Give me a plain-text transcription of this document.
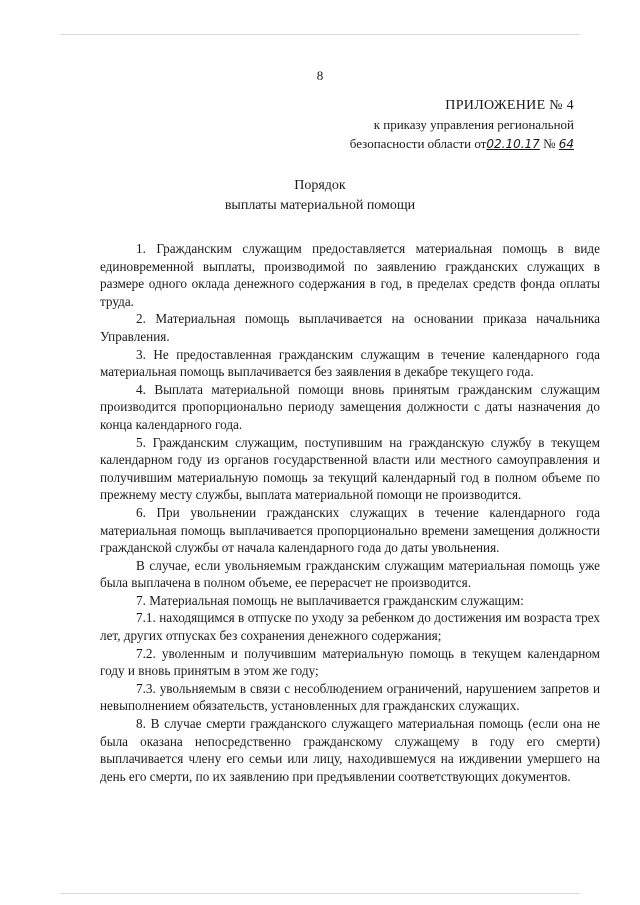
8
ПРИЛОЖЕНИЕ № 4
к приказу управления региональной
безопасности области от02.10.17 № 64
Порядок
выплаты материальной помощи

1. Гражданским служащим предоставляется материальная помощь в виде единовременной выплаты, производимой по заявлению гражданских служащих в размере одного оклада денежного содержания в год, в пределах средств фонда оплаты труда.

2. Материальная помощь выплачивается на основании приказа начальника Управления.

3. Не предоставленная гражданским служащим в течение календарного года материальная помощь выплачивается без заявления в декабре текущего года.

4. Выплата материальной помощи вновь принятым гражданским служащим производится пропорционально периоду замещения должности с даты назначения до конца календарного года.

5. Гражданским служащим, поступившим на гражданскую службу в текущем календарном году из органов государственной власти или местного самоуправления и получившим материальную помощь за текущий календарный год в полном объеме по прежнему месту службы, выплата материальной помощи не производится.

6. При увольнении гражданских служащих в течение календарного года материальная помощь выплачивается пропорционально времени замещения должности гражданской службы от начала календарного года до даты увольнения.

В случае, если увольняемым гражданским служащим материальная помощь уже была выплачена в полном объеме, ее перерасчет не производится.

7. Материальная помощь не выплачивается гражданским служащим:

7.1. находящимся в отпуске по уходу за ребенком до достижения им возраста трех лет, других отпусках без сохранения денежного содержания;

7.2. уволенным и получившим материальную помощь в текущем календарном году и вновь принятым в этом же году;

7.3. увольняемым в связи с несоблюдением ограничений, нарушением запретов и невыполнением обязательств, установленных для гражданских служащих.

8. В случае смерти гражданского служащего материальная помощь (если она не была оказана непосредственно гражданскому служащему в году его смерти) выплачивается члену его семьи или лицу, находившемуся на иждивении умершего на день его смерти, по их заявлению при предъявлении соответствующих документов.
